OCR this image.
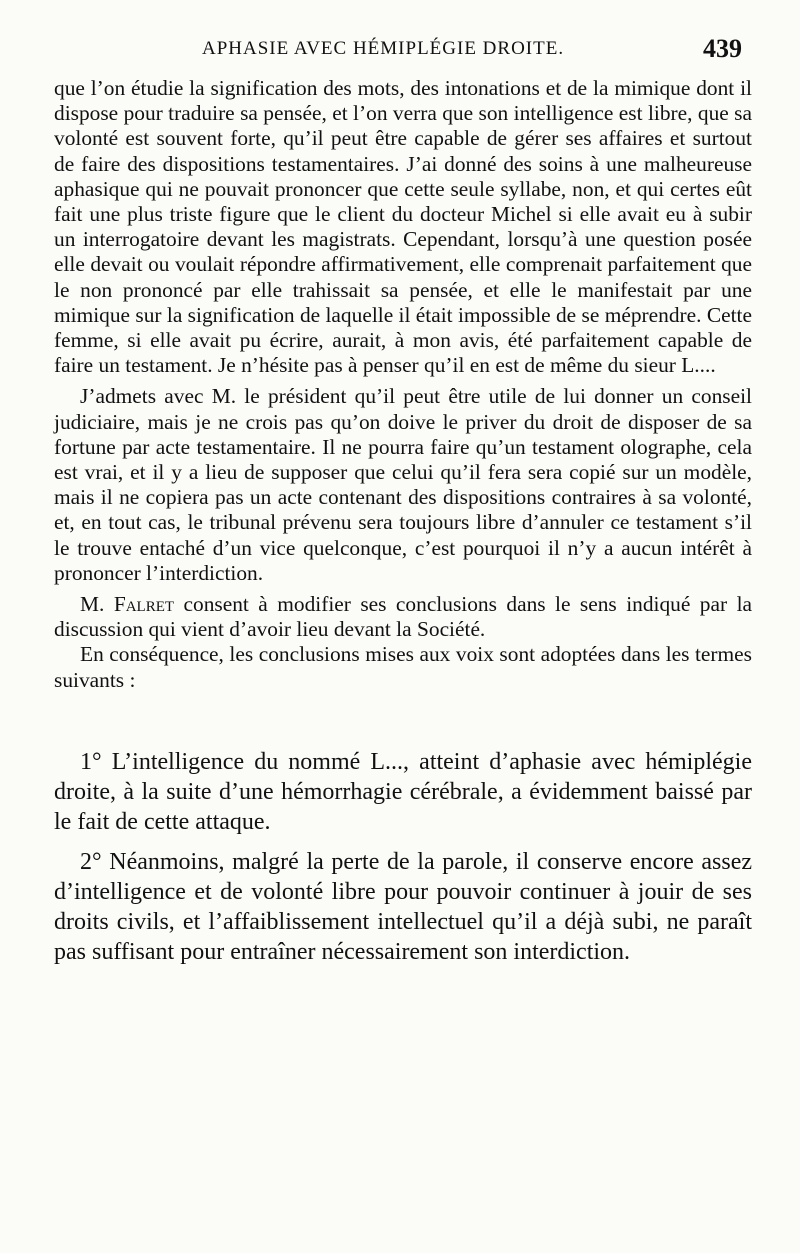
APHASIE AVEC HÉMIPLÉGIE DROITE.	439

que l’on étudie la signification des mots, des intonations et de la mimique dont il dispose pour traduire sa pensée, et l’on verra que son intelligence est libre, que sa volonté est souvent forte, qu’il peut être capable de gérer ses affaires et surtout de faire des dispositions testamentaires. J’ai donné des soins à une malheureuse aphasique qui ne pouvait prononcer que cette seule syllabe, non, et qui certes eût fait une plus triste figure que le client du docteur Michel si elle avait eu à subir un interrogatoire devant les magistrats. Cependant, lorsqu’à une question posée elle devait ou voulait répondre affirmativement, elle comprenait parfaitement que le non prononcé par elle trahissait sa pensée, et elle le manifestait par une mimique sur la signification de laquelle il était impossible de se méprendre. Cette femme, si elle avait pu écrire, aurait, à mon avis, été parfaitement capable de faire un testament. Je n’hésite pas à penser qu’il en est de même du sieur L....

J’admets avec M. le président qu’il peut être utile de lui donner un conseil judiciaire, mais je ne crois pas qu’on doive le priver du droit de disposer de sa fortune par acte testamentaire. Il ne pourra faire qu’un testament olographe, cela est vrai, et il y a lieu de supposer que celui qu’il fera sera copié sur un modèle, mais il ne copiera pas un acte contenant des dispositions contraires à sa volonté, et, en tout cas, le tribunal prévenu sera toujours libre d’annuler ce testament s’il le trouve entaché d’un vice quelconque, c’est pourquoi il n’y a aucun intérêt à prononcer l’interdiction.

M. Falret consent à modifier ses conclusions dans le sens indiqué par la discussion qui vient d’avoir lieu devant la Société.

En conséquence, les conclusions mises aux voix sont adoptées dans les termes suivants :

1° L’intelligence du nommé L..., atteint d’aphasie avec hémiplégie droite, à la suite d’une hémorrhagie cérébrale, a évidemment baissé par le fait de cette attaque.

2° Néanmoins, malgré la perte de la parole, il conserve encore assez d’intelligence et de volonté libre pour pouvoir continuer à jouir de ses droits civils, et l’affaiblissement intellectuel qu’il a déjà subi, ne paraît pas suffisant pour entraîner nécessairement son interdiction.
